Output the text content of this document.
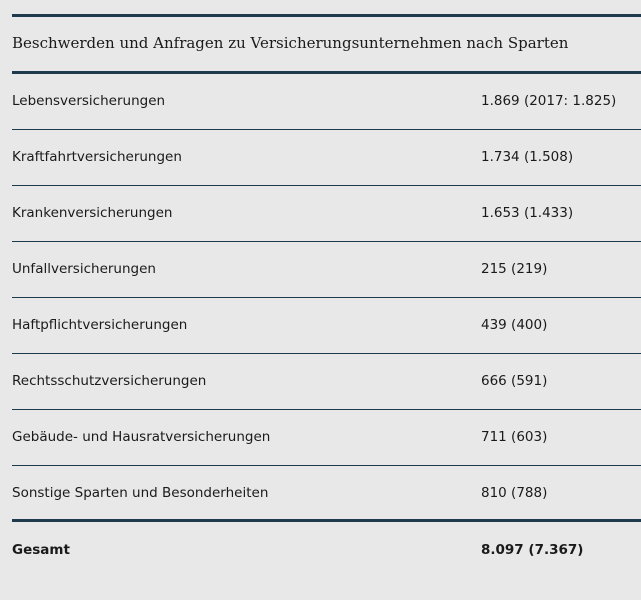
Beschwerden und Anfragen zu Versicherungsunternehmen nach Sparten
Lebensversicherungen	1.869 (2017: 1.825)
Kraftfahrtversicherungen	1.734 (1.508)
Krankenversicherungen	1.653 (1.433)
Unfallversicherungen	215 (219)
Haftpflichtversicherungen	439 (400)
Rechtsschutzversicherungen	666 (591)
Gebäude- und Hausratversicherungen	711 (603)
Sonstige Sparten und Besonderheiten	810 (788)
Gesamt	8.097 (7.367)
